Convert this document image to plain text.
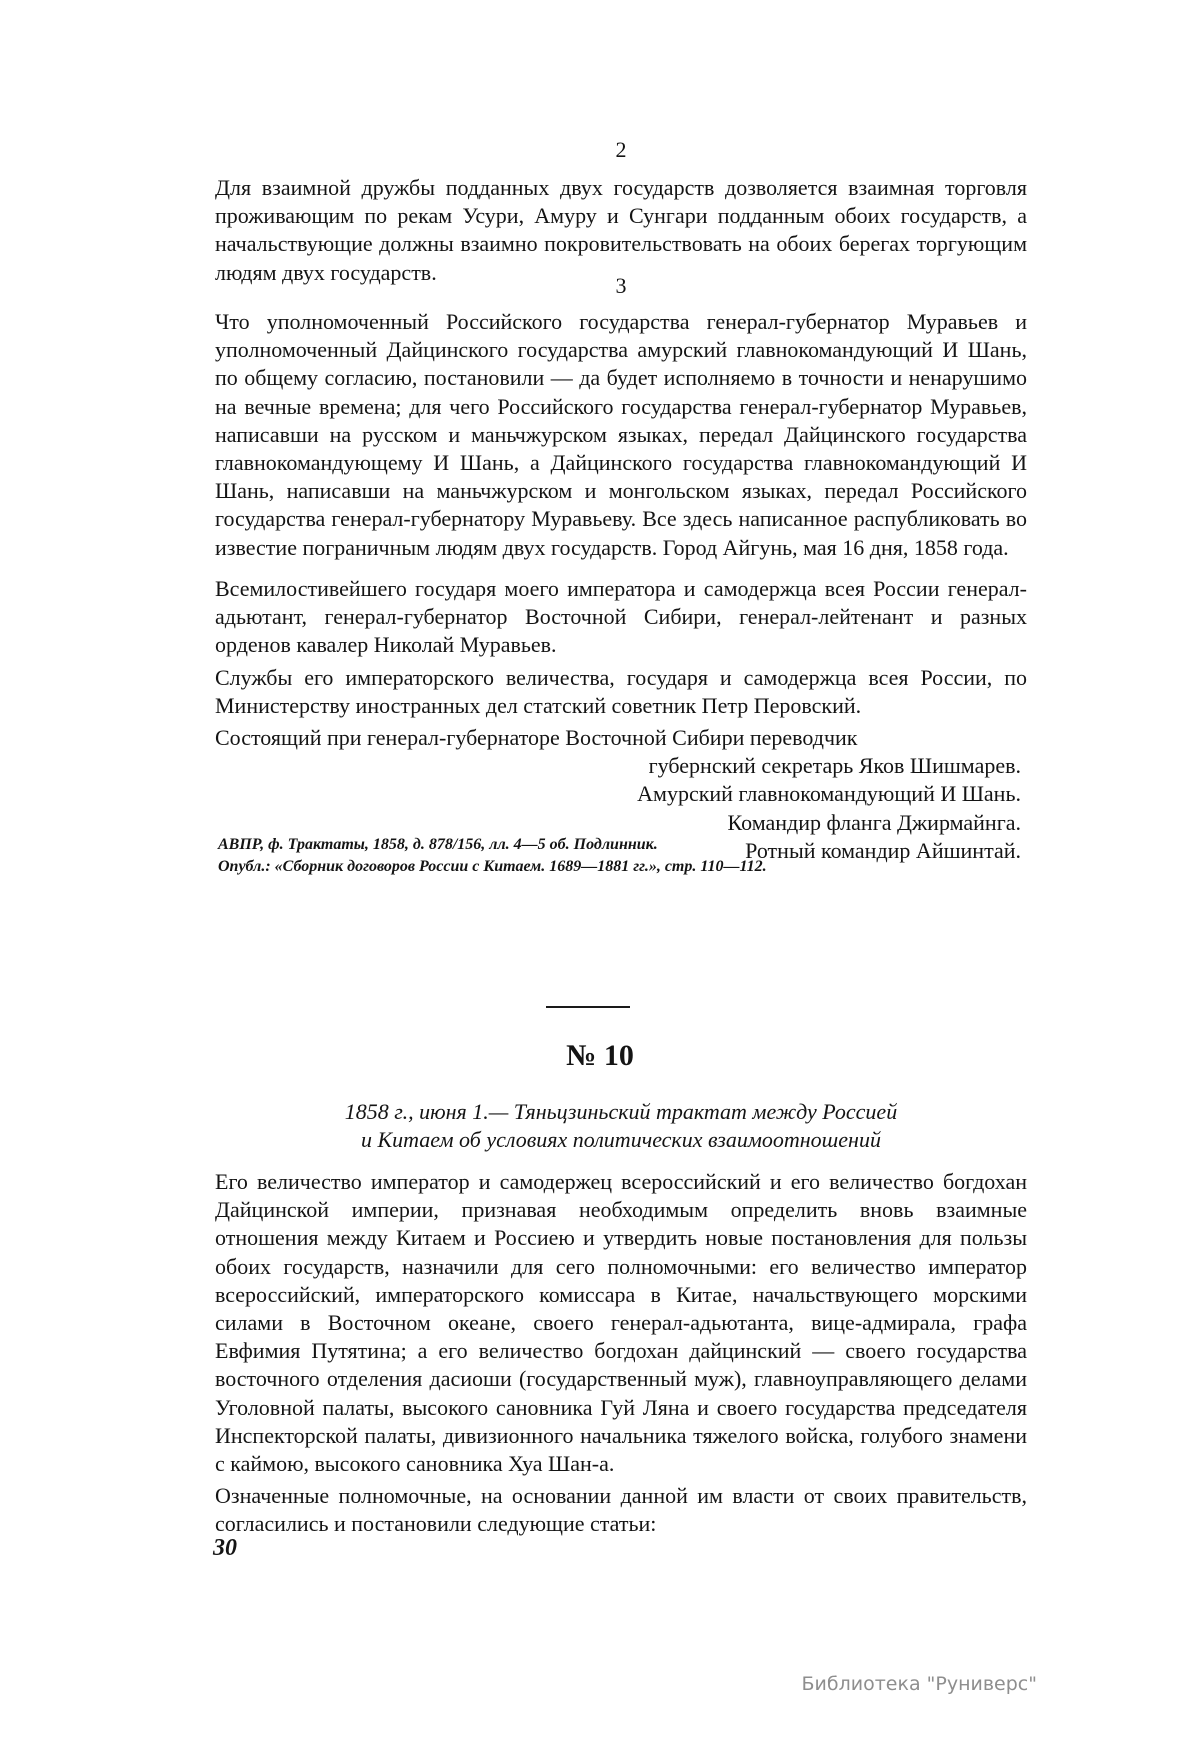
2

Для взаимной дружбы подданных двух государств дозволяется взаимная торговля проживающим по рекам Усури, Амуру и Сунгари подданным обоих государств, а начальствующие должны взаимно покровительствовать на обоих берегах торгующим людям двух государств.

3

Что уполномоченный Российского государства генерал-губернатор Муравьев и уполномоченный Дайцинского государства амурский главнокомандующий И Шань, по общему согласию, постановили — да будет исполняемо в точности и ненарушимо на вечные времена; для чего Российского государства генерал-губернатор Муравьев, написавши на русском и маньчжурском языках, передал Дайцинского государства главнокомандующему И Шань, а Дайцинского государства главнокомандующий И Шань, написавши на маньчжурском и монгольском языках, передал Российского государства генерал-губернатору Муравьеву. Все здесь написанное распубликовать во известие пограничным людям двух государств. Город Айгунь, мая 16 дня, 1858 года.

Всемилостивейшего государя моего императора и самодержца всея России генерал-адьютант, генерал-губернатор Восточной Сибири, генерал-лейтенант и разных орденов кавалер Николай Муравьев.

Службы его императорского величества, государя и самодержца всея России, по Министерству иностранных дел статский советник Петр Перовский.

Состоящий при генерал-губернаторе Восточной Сибири переводчик

губернский секретарь Яков Шишмарев.

Амурский главнокомандующий И Шань.

Командир фланга Джирмайнга.

Ротный командир Айшинтай.

АВПР, ф. Трактаты, 1858, д. 878/156, лл. 4—5 об. Подлинник.

Опубл.: «Сборник договоров России с Китаем. 1689—1881 гг.», стр. 110—112.

№ 10
1858 г., июня 1.— Тяньцзиньский трактат между Россией
и Китаем об условиях политических взаимоотношений

Его величество император и самодержец всероссийский и его величество богдохан Дайцинской империи, признавая необходимым определить вновь взаимные отношения между Китаем и Россиею и утвердить новые постановления для пользы обоих государств, назначили для сего полномочными: его величество император всероссийский, императорского комиссара в Китае, начальствующего морскими силами в Восточном океане, своего генерал-адьютанта, вице-адмирала, графа Евфимия Путятина; а его величество богдохан дайцинский — своего государства восточного отделения дасиоши (государственный муж), главноуправляющего делами Уголовной палаты, высокого сановника Гуй Ляна и своего государства председателя Инспекторской палаты, дивизионного начальника тяжелого войска, голубого знамени с каймою, высокого сановника Хуа Шан-а.

Означенные полномочные, на основании данной им власти от своих правительств, согласились и постановили следующие статьи:

30
Библиотека "Руниверс"
